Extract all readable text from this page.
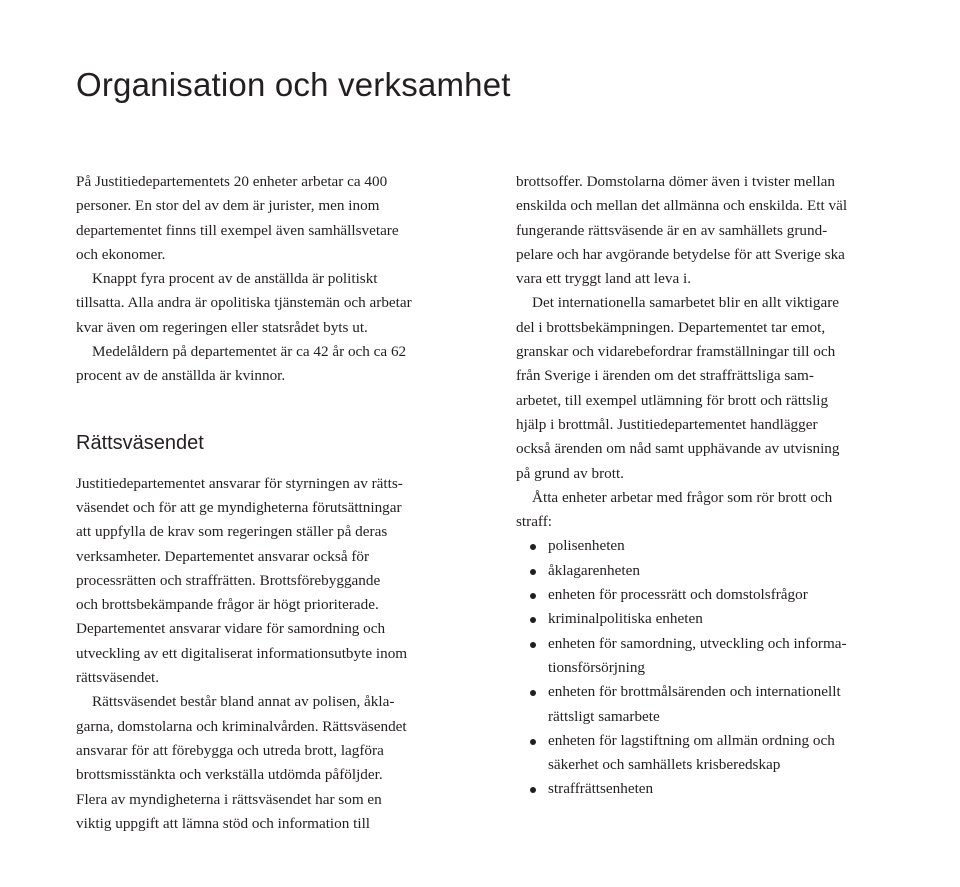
Organisation och verksamhet
På Justitiedepartementets 20 enheter arbetar ca 400
personer. En stor del av dem är jurister, men inom
departementet finns till exempel även samhällsvetare
och ekonomer.
Knappt fyra procent av de anställda är politiskt
tillsatta. Alla andra är opolitiska tjänstemän och arbetar
kvar även om regeringen eller statsrådet byts ut.
Medelåldern på departementet är ca 42 år och ca 62
procent av de anställda är kvinnor.
Rättsväsendet
Justitiedepartementet ansvarar för styrningen av rätts-
väsendet och för att ge myndigheterna förutsättningar
att uppfylla de krav som regeringen ställer på deras
verksamheter. Departementet ansvarar också för
processrätten och straffrätten. Brottsförebyggande
och brottsbekämpande frågor är högt prioriterade.
Departementet ansvarar vidare för samordning och
utveckling av ett digitaliserat informationsutbyte inom
rättsväsendet.
Rättsväsendet består bland annat av polisen, åkla-
garna, domstolarna och kriminalvården. Rättsväsendet
ansvarar för att förebygga och utreda brott, lagföra
brottsmisstänkta och verkställa utdömda påföljder.
Flera av myndigheterna i rättsväsendet har som en
viktig uppgift att lämna stöd och information till
brottsoffer. Domstolarna dömer även i tvister mellan
enskilda och mellan det allmänna och enskilda. Ett väl
fungerande rättsväsende är en av samhällets grund-
pelare och har avgörande betydelse för att Sverige ska
vara ett tryggt land att leva i.
Det internationella samarbetet blir en allt viktigare
del i brottsbekämpningen. Departementet tar emot,
granskar och vidarebefordrar framställningar till och
från Sverige i ärenden om det straffrättsliga sam-
arbetet, till exempel utlämning för brott och rättslig
hjälp i brottmål. Justitiedepartementet handlägger
också ärenden om nåd samt upphävande av utvisning
på grund av brott.
Åtta enheter arbetar med frågor som rör brott och
straff:
polisenheten
åklagarenheten
enheten för processrätt och domstolsfrågor
kriminalpolitiska enheten
enheten för samordning, utveckling och informa-
tionsförsörjning
enheten för brottmålsärenden och internationellt
rättsligt samarbete
enheten för lagstiftning om allmän ordning och
säkerhet och samhällets krisberedskap
straffrättsenheten
